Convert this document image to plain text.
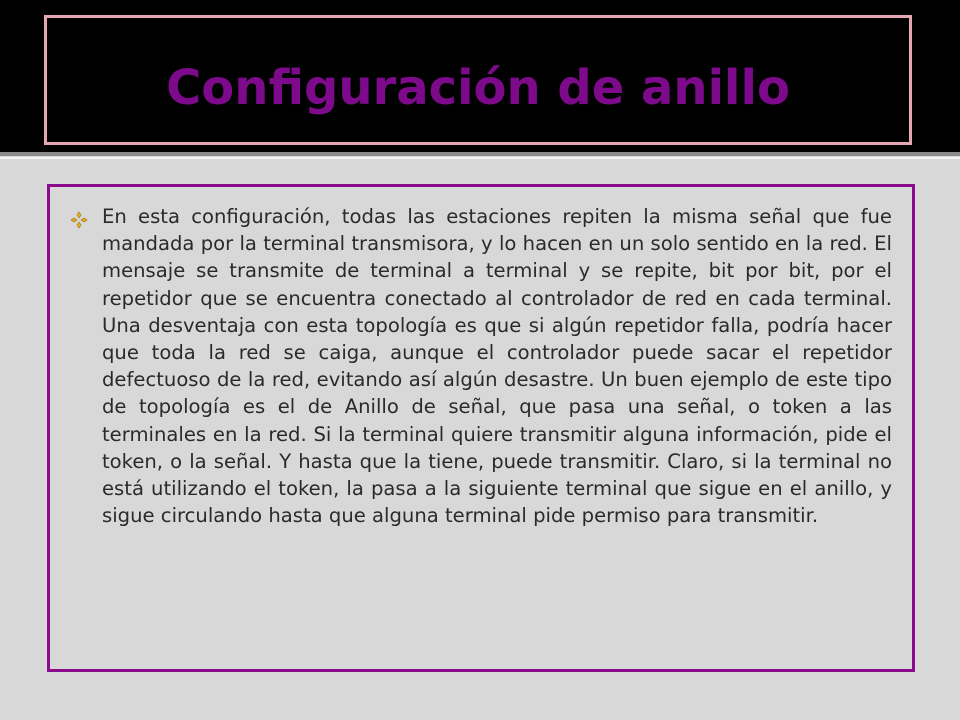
Configuración de anillo

En esta configuración, todas las estaciones repiten la misma señal que fue mandada por la terminal transmisora, y lo hacen en un solo sentido en la red. El mensaje se transmite de terminal a terminal y se repite, bit por bit, por el repetidor que se encuentra conectado al controlador de red en cada terminal. Una desventaja con esta topología es que si algún repetidor falla, podría hacer que toda la red se caiga, aunque el controlador puede sacar el repetidor defectuoso de la red, evitando así algún desastre. Un buen ejemplo de este tipo de topología es el de Anillo de señal, que pasa una señal, o token a las terminales en la red. Si la terminal quiere transmitir alguna información, pide el token, o la señal. Y hasta que la tiene, puede transmitir. Claro, si la terminal no está utilizando el token, la pasa a la siguiente terminal que sigue en el anillo, y sigue circulando hasta que alguna terminal pide permiso para transmitir.
